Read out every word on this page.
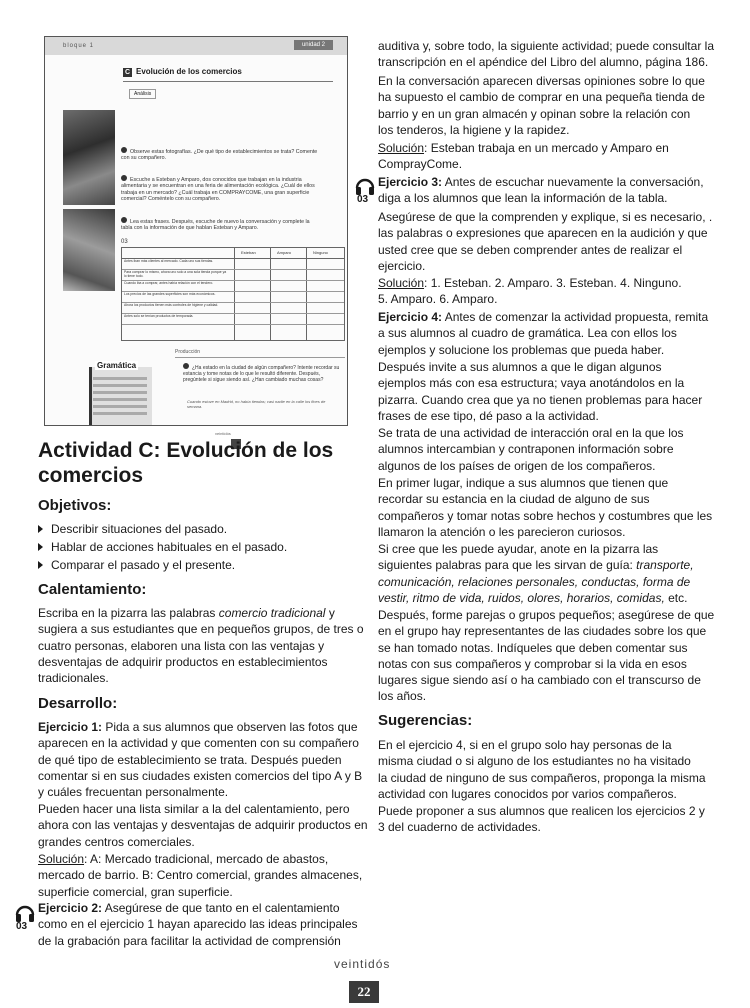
bloque 1	unidad 2
C Evolución de los comercios
Análisis
Observe estas fotografías. ¿De qué tipo de establecimientos se trata? Comente con su compañero.
Escuche a Esteban y Amparo, dos conocidos que trabajan en la industria alimentaria y se encuentran en una feria de alimentación ecológica. ¿Cuál de ellos trabaja en un mercado? ¿Cuál trabaja en COMPRAYCOME, una gran superficie comercial? Coméntelo con su compañero.
Lea estas frases. Después, escuche de nuevo la conversación y complete la tabla con la información de que hablan Esteban y Amparo.
03
Esteban	Amparo	Ninguno
Antes iban más clientes al mercado. Cada uno sus tiendas.
Para comprar lo mismo, ahora uno solo a una sola tienda porque ya lo tiene todo.
Cuando iba a comprar, antes había relación con el tendero.
Los precios de las grandes superficies son más económicos.
Ahora los productos tienen más controles de higiene y calidad.
Antes solo se tenían productos de temporada.
Gramática
Producción
¿Ha estado en la ciudad de algún compañero? Intente recordar su estancia y tome notas de lo que le resultó diferente. Después, pregúntele si sigue siendo así. ¿Han cambiado muchas cosas?
Cuando estuve en Madrid, no había tiendas; casi nadie en la calle los fines de semana.
veintidós
Actividad C: Evolución de los comercios
Objetivos:
Describir situaciones del pasado.
Hablar de acciones habituales en el pasado.
Comparar el pasado y el presente.
Calentamiento:
Escriba en la pizarra las palabras comercio tradicional y
sugiera a sus estudiantes que en pequeños grupos, de tres o
cuatro personas, elaboren una lista con las ventajas y
desventajas de adquirir productos en establecimientos
tradicionales.
Desarrollo:
Ejercicio 1: Pida a sus alumnos que observen las fotos que
aparecen en la actividad y que comenten con su compañero
de qué tipo de establecimiento se trata. Después pueden
comentar si en sus ciudades existen comercios del tipo A y B
y cuáles frecuentan personalmente.
Pueden hacer una lista similar a la del calentamiento, pero
ahora con las ventajas y desventajas de adquirir productos en
grandes centros comerciales.
Solución: A: Mercado tradicional, mercado de abastos,
mercado de barrio. B: Centro comercial, grandes almacenes,
superficie comercial, gran superficie.
03
Ejercicio 2: Asegúrese de que tanto en el calentamiento
como en el ejercicio 1 hayan aparecido las ideas principales
de la grabación para facilitar la actividad de comprensión
auditiva y, sobre todo, la siguiente actividad; puede consultar la
transcripción en el apéndice del Libro del alumno, página 186.
En la conversación aparecen diversas opiniones sobre lo que
ha supuesto el cambio de comprar en una pequeña tienda de
barrio y en un gran almacén y opinan sobre la relación con
los tenderos, la higiene y la rapidez.
Solución: Esteban trabaja en un mercado y Amparo en
ComprayCome.
03
Ejercicio 3: Antes de escuchar nuevamente la conversación,
diga a los alumnos que lean la información de la tabla.
Asegúrese de que la comprenden y explique, si es necesario, .
las palabras o expresiones que aparecen en la audición y que
usted cree que se deben comprender antes de realizar el
ejercicio.
Solución: 1. Esteban. 2. Amparo. 3. Esteban. 4. Ninguno.
5. Amparo. 6. Amparo.
Ejercicio 4: Antes de comenzar la actividad propuesta, remita
a sus alumnos al cuadro de gramática. Lea con ellos los
ejemplos y solucione los problemas que pueda haber.
Después invite a sus alumnos a que le digan algunos
ejemplos más con esa estructura; vaya anotándolos en la
pizarra. Cuando crea que ya no tienen problemas para hacer
frases de ese tipo, dé paso a la actividad.
Se trata de una actividad de interacción oral en la que los
alumnos intercambian y contraponen información sobre
algunos de los países de origen de los compañeros.
En primer lugar, indique a sus alumnos que tienen que
recordar su estancia en la ciudad de alguno de sus
compañeros y tomar notas sobre hechos y costumbres que les
llamaron la atención o les parecieron curiosos.
Si cree que les puede ayudar, anote en la pizarra las
siguientes palabras para que les sirvan de guía: transporte,
comunicación, relaciones personales, conductas, forma de
vestir, ritmo de vida, ruidos, olores, horarios, comidas, etc.
Después, forme parejas o grupos pequeños; asegúrese de que
en el grupo hay representantes de las ciudades sobre los que
se han tomado notas. Indíqueles que deben comentar sus
notas con sus compañeros y comprobar si la vida en esos
lugares sigue siendo así o ha cambiado con el transcurso de
los años.
Sugerencias:
En el ejercicio 4, si en el grupo solo hay personas de la
misma ciudad o si alguno de los estudiantes no ha visitado
la ciudad de ninguno de sus compañeros, proponga la misma
actividad con lugares conocidos por varios compañeros.
Puede proponer a sus alumnos que realicen los ejercicios 2 y
3 del cuaderno de actividades.
veintidós
22
